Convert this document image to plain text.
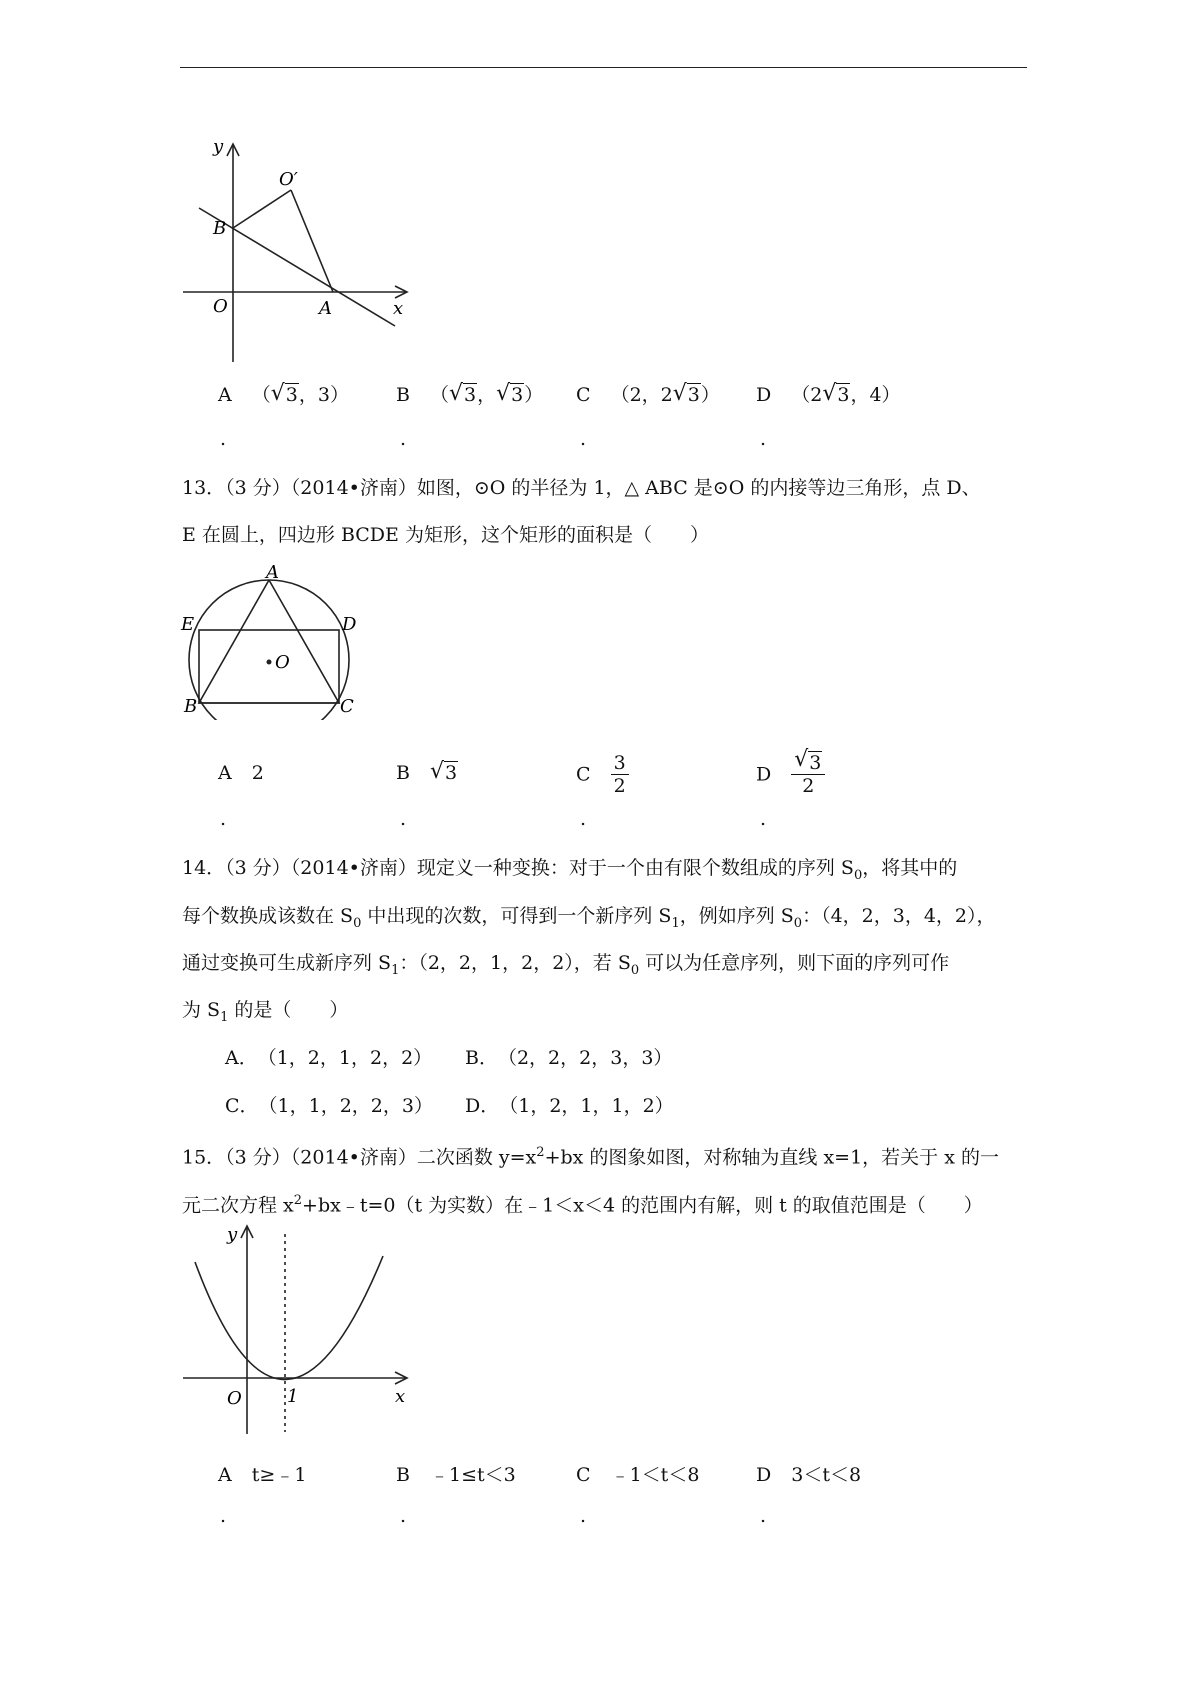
y
x
O
O′
B
A
A （ √ 3，3） B （ √ 3， √ 3） C （2，2 √ 3） D （2 √ 3，4）
.	.	.	.
13．（3 分）（2014•济南）如图，⊙O 的半径为 1，△ ABC 是⊙O 的内接等边三角形，点 D、
E 在圆上，四边形 BCDE 为矩形，这个矩形的面积是（　　）
A
B	C
D
E
O
A 2	B √ 3	C $\frac{3}{2}$	D $\frac{√ 3}{2}$
.	.	.	.
14．（3 分）（2014•济南）现定义一种变换：对于一个由有限个数组成的序列 $S_0$，将其中的
每个数换成该数在 $S_0$ 中出现的次数，可得到一个新序列 $S_1$，例如序列 $S_0$：（4，2，3，4，2），
通过变换可生成新序列 $S_1$：（2，2，1，2，2），若 $S_0$ 可以为任意序列，则下面的序列可作
为 $S_1$ 的是（　　）
A．　（1，2，1，2，2） B．　（2，2，2，3，3）
C．　（1，1，2，2，3） D．　（1，2，1，1，2）
15．（3 分）（2014•济南）二次函数 $y=x^2+bx$ 的图象如图，对称轴为直线 x=1，若关于 x 的一
元二次方程 $x^2+bx﹣t=0(t$ 为实数）在﹣1＜x＜4 的范围内有解，则 t 的取值范围是（　　）
O	1
y
x
A t≥﹣1	B ﹣1≤t＜3	C ﹣1＜t＜8	D 3＜t＜8
.	.	.	.
